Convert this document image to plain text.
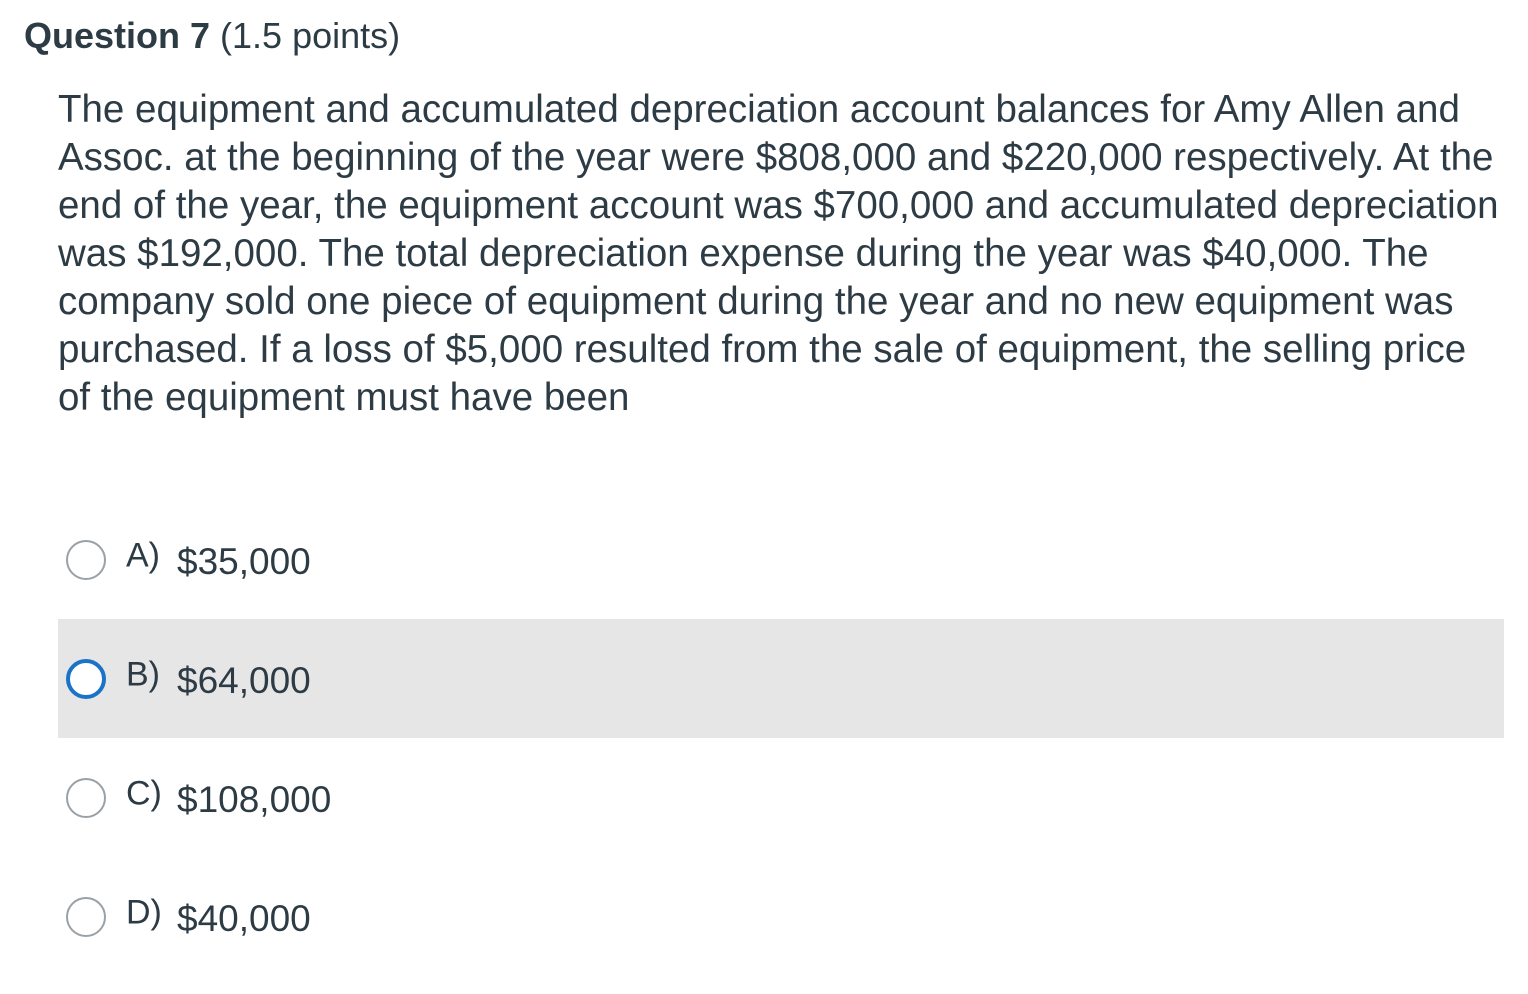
Question 7 (1.5 points)
The equipment and accumulated depreciation account balances for Amy Allen and Assoc. at the beginning of the year were $808,000 and $220,000 respectively. At the end of the year, the equipment account was $700,000 and accumulated depreciation was $192,000. The total depreciation expense during the year was $40,000. The company sold one piece of equipment during the year and no new equipment was purchased. If a loss of $5,000 resulted from the sale of equipment, the selling price of the equipment must have been
A) $35,000
B) $64,000
C) $108,000
D) $40,000
